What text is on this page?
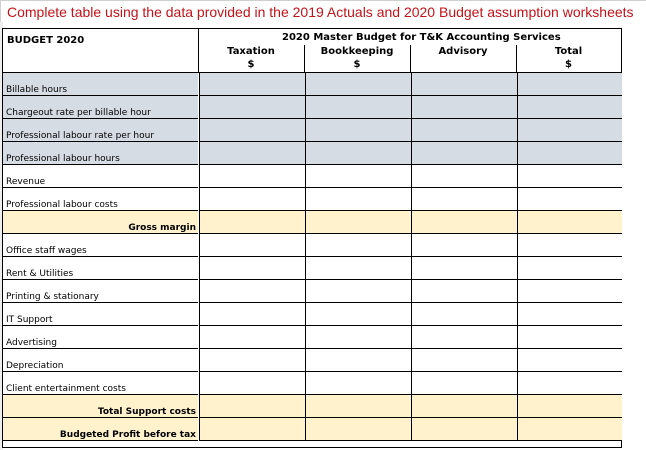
Complete table using the data provided in the 2019 Actuals and 2020 Budget assumption worksheets
BUDGET 2020	2020 Master Budget for T&K Accounting Services
Taxation
$
Bookkeeping
$
Advisory	Total
$
Billable hours
Chargeout rate per billable hour
Professional labour rate per hour
Professional labour hours
Revenue
Professional labour costs
Gross margin
Office staff wages
Rent & Utilities
Printing & stationary
IT Support
Advertising
Depreciation
Client entertainment costs
Total Support costs
Budgeted Profit before tax
